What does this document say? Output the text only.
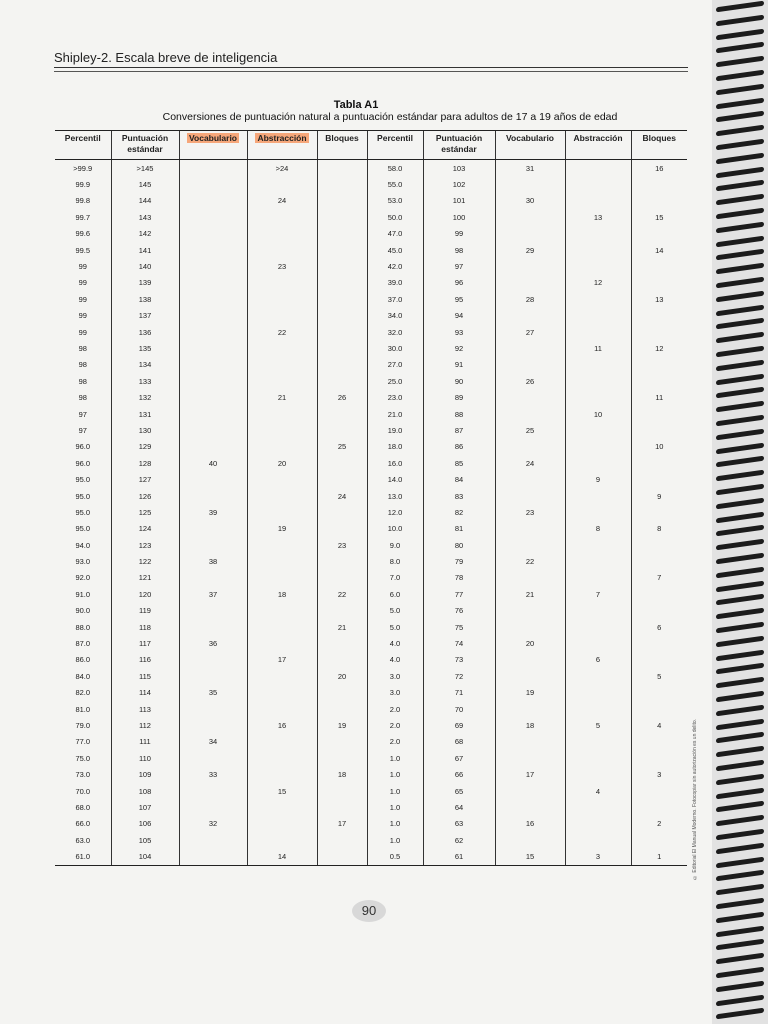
Shipley-2. Escala breve de inteligencia
Tabla A1
Conversiones de puntuación natural a puntuación estándar para adultos de 17 a 19 años de edad
Percentil	Puntuación estándar	Vocabulario	Abstracción	Bloques	Percentil	Puntuación estándar	Vocabulario	Abstracción	Bloques
>99.9	>145		>24		58.0	103	31		16
99.9	145				55.0	102			
99.8	144		24		53.0	101	30		
99.7	143				50.0	100		13	15
99.6	142				47.0	99			
99.5	141				45.0	98	29		14
99	140		23		42.0	97			
99	139				39.0	96		12	
99	138				37.0	95	28		13
99	137				34.0	94			
99	136		22		32.0	93	27		
98	135				30.0	92		11	12
98	134				27.0	91			
98	133				25.0	90	26		
98	132		21	26	23.0	89			11
97	131				21.0	88		10	
97	130				19.0	87	25		
96.0	129			25	18.0	86			10
96.0	128	40	20		16.0	85	24		
95.0	127				14.0	84		9	
95.0	126			24	13.0	83			9
95.0	125	39			12.0	82	23		
95.0	124		19		10.0	81		8	8
94.0	123			23	9.0	80			
93.0	122	38			8.0	79	22		
92.0	121				7.0	78			7
91.0	120	37	18	22	6.0	77	21	7	
90.0	119				5.0	76			
88.0	118			21	5.0	75			6
87.0	117	36			4.0	74	20		
86.0	116		17		4.0	73		6	
84.0	115			20	3.0	72			5
82.0	114	35			3.0	71	19		
81.0	113				2.0	70			
79.0	112		16	19	2.0	69	18	5	4
77.0	111	34			2.0	68			
75.0	110				1.0	67			
73.0	109	33		18	1.0	66	17		3
70.0	108		15		1.0	65		4	
68.0	107				1.0	64			
66.0	106	32		17	1.0	63	16		2
63.0	105				1.0	62			
61.0	104		14		0.5	61	15	3	1
90
© Editorial El Manual Moderno. Fotocopiar sin autorización es un delito.
